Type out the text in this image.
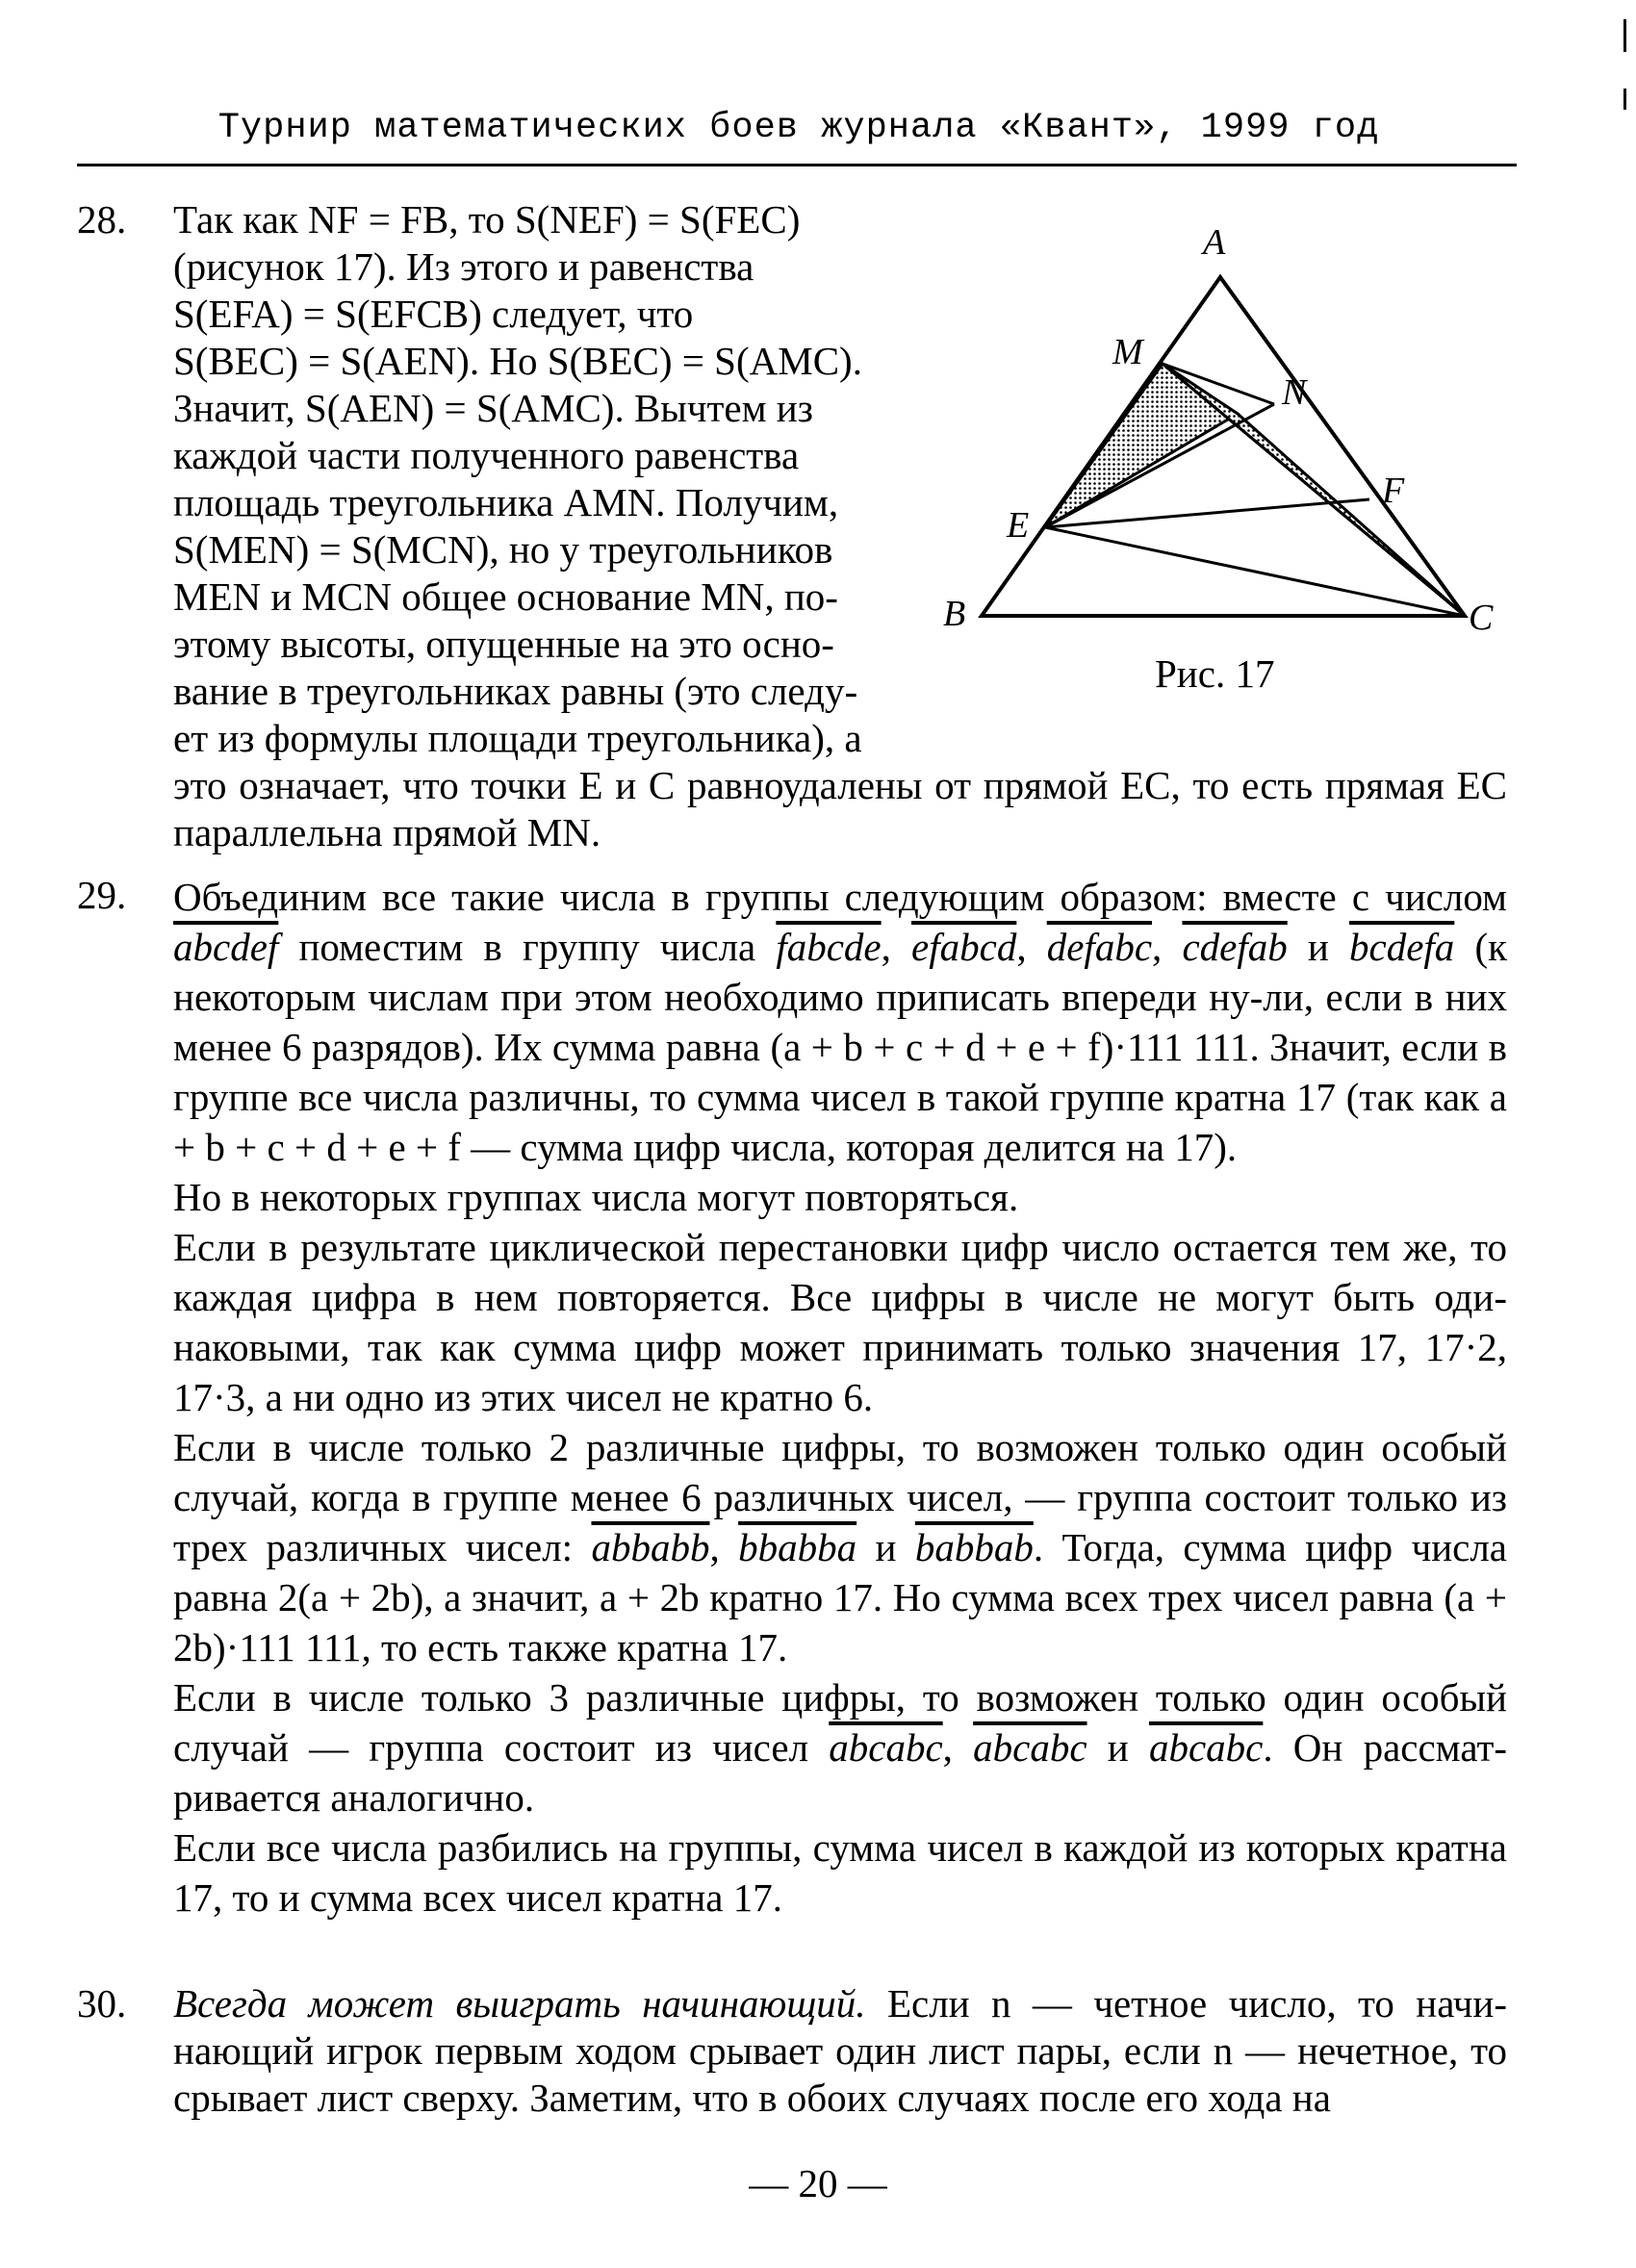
Турнир математических боев журнала «Квант», 1999 год
28. Так как NF = FB, то S(NEF) = S(FEC)

(рисунок 17). Из этого и равенства

S(EFA) = S(EFCB) следует, что

S(BEC) = S(AEN). Но S(BEC) = S(AMC).

Значит, S(AEN) = S(AMC). Вычтем из

каждой части полученного равенства

площадь треугольника AMN. Получим,

S(MEN) = S(MCN), но у треугольников

MEN и MCN общее основание MN, по-

этому высоты, опущенные на это осно-

вание в треугольниках равны (это следу-

ет из формулы площади треугольника), а

это означает, что точки E и C равноудалены от прямой EC, то есть прямая EC параллельна прямой MN.
A
M
N
F
E
B	C
Рис. 17
29. Объединим все такие числа в группы следующим образом: вместе с числом abcdef поместим в группу числа fabcde, efabcd, defabc, cdefab и bcdefa (к некоторым числам при этом необходимо приписать впереди ну-ли, если в них менее 6 разрядов). Их сумма равна (a + b + c + d + e + f)·111 111. Значит, если в группе все числа различны, то сумма чисел в такой группе кратна 17 (так как a + b + c + d + e + f — сумма цифр числа, которая делится на 17).

Но в некоторых группах числа могут повторяться.

Если в результате циклической перестановки цифр число остается тем же, то каждая цифра в нем повторяется. Все цифры в числе не могут быть оди-наковыми, так как сумма цифр может принимать только значения 17, 17·2, 17·3, а ни одно из этих чисел не кратно 6.

Если в числе только 2 различные цифры, то возможен только один особый случай, когда в группе менее 6 различных чисел, — группа состоит только из трех различных чисел: abbabb, bbabba и babbab. Тогда, сумма цифр числа равна 2(a + 2b), а значит, a + 2b кратно 17. Но сумма всех трех чисел равна (a + 2b)·111 111, то есть также кратна 17.

Если в числе только 3 различные цифры, то возможен только один особый случай — группа состоит из чисел abcabc, abcabc и abcabc. Он рассмат-ривается аналогично.

Если все числа разбились на группы, сумма чисел в каждой из которых кратна 17, то и сумма всех чисел кратна 17.

30. Всегда может выиграть начинающий. Если n — четное число, то начи-нающий игрок первым ходом срывает один лист пары, если n — нечетное, то срывает лист сверху. Заметим, что в обоих случаях после его хода на
— 20 —
